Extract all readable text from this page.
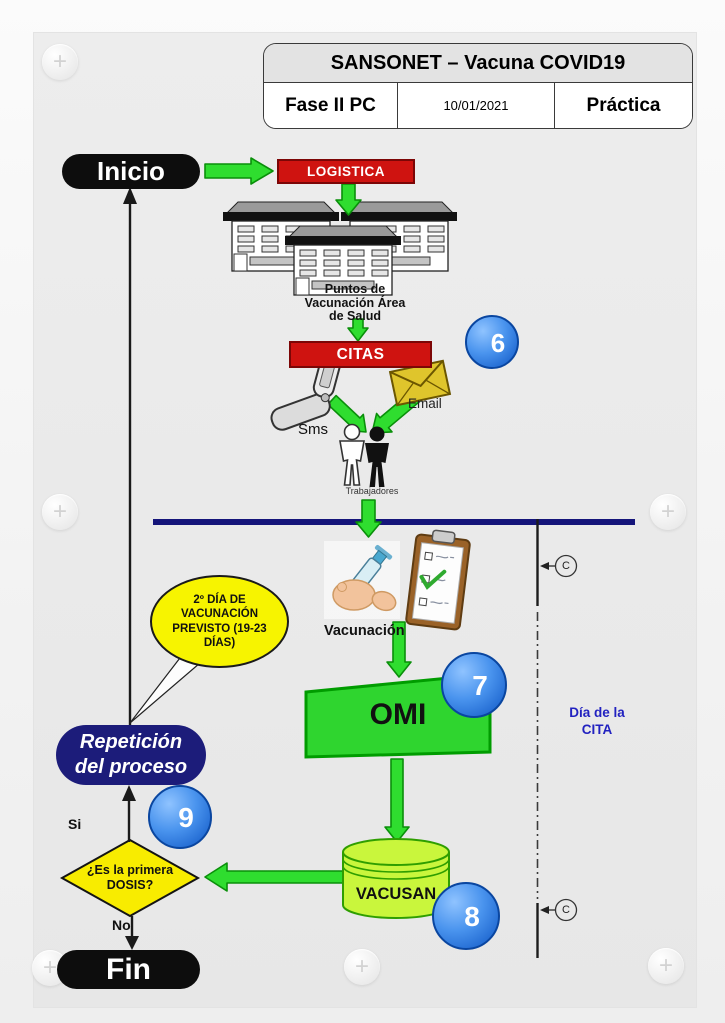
+
+	+
+	+	+
SANSONET – Vacuna COVID19
Fase II PC	10/01/2021	Práctica
Inicio	LOGISTICA
Puntos de
Vacunación Área
de Salud
CITAS
Sms
Email
Trabajadores
Vacunación
2º DÍA DE
VACUNACIÓN
PREVISTO (19-23
DÍAS)
OMI
VACUSAN
Repetición
del proceso
Si
¿Es la primera
DOSIS?
No
Fin
Día de la
CITA
C
C
6
7
8
9
